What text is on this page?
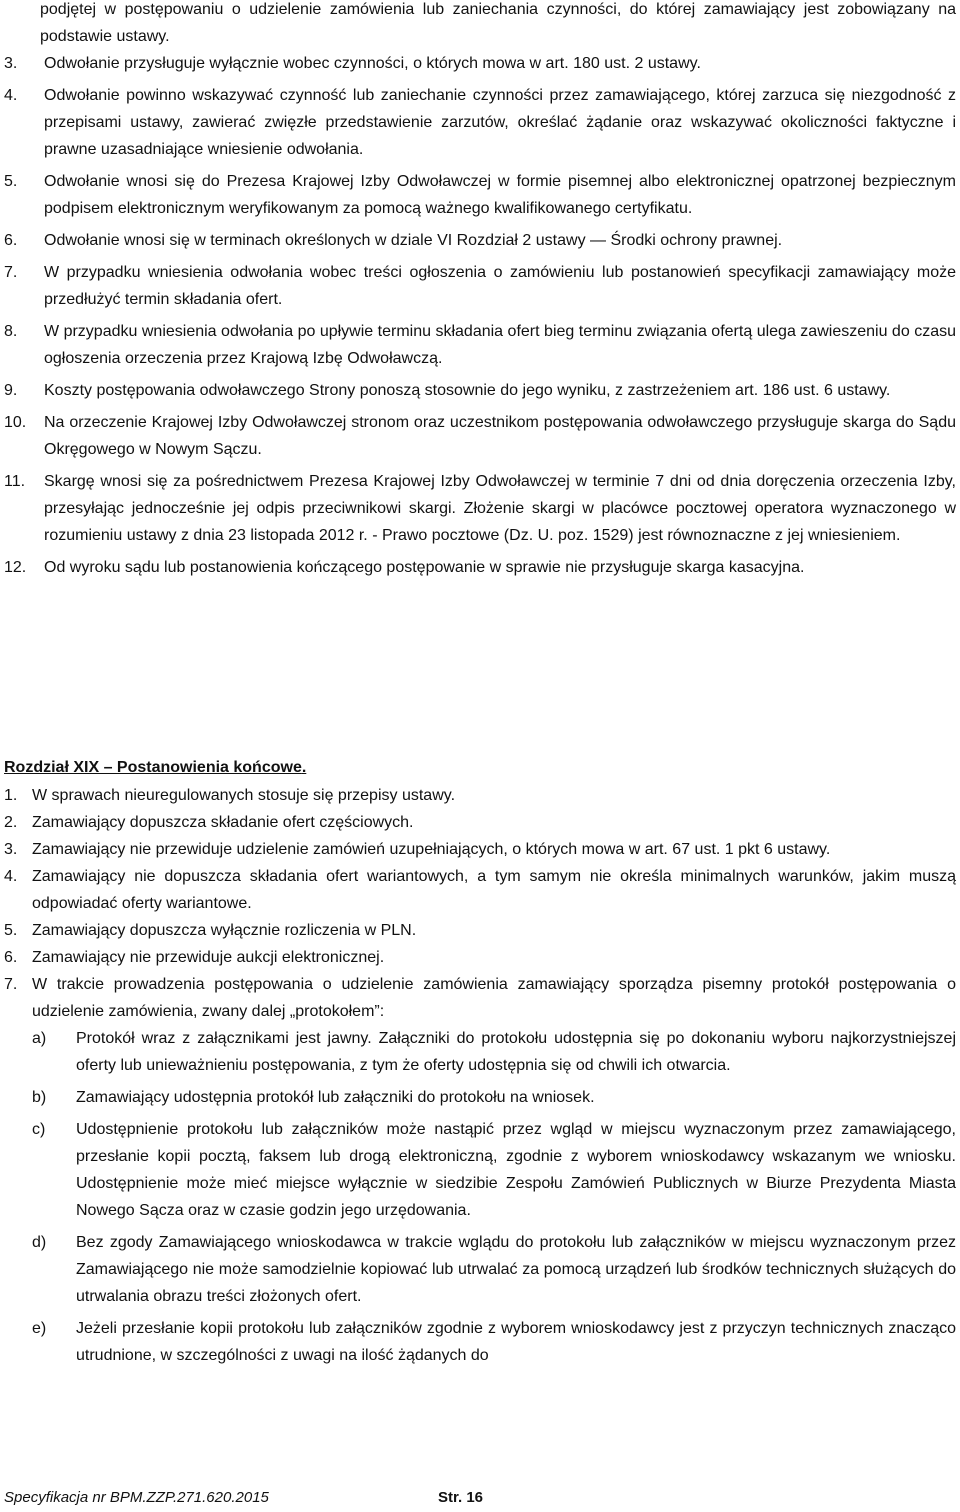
podjętej w postępowaniu o udzielenie zamówienia lub zaniechania czynności, do której zamawiający jest zobowiązany na podstawie ustawy.
3. Odwołanie przysługuje wyłącznie wobec czynności, o których mowa w art. 180 ust. 2 ustawy.
4. Odwołanie powinno wskazywać czynność lub zaniechanie czynności przez zamawiającego, której zarzuca się niezgodność z przepisami ustawy, zawierać zwięzłe przedstawienie zarzutów, określać żądanie oraz wskazywać okoliczności faktyczne i prawne uzasadniające wniesienie odwołania.
5. Odwołanie wnosi się do Prezesa Krajowej Izby Odwoławczej w formie pisemnej albo elektronicznej opatrzonej bezpiecznym podpisem elektronicznym weryfikowanym za pomocą ważnego kwalifikowanego certyfikatu.
6. Odwołanie wnosi się w terminach określonych w dziale VI Rozdział 2 ustawy — Środki ochrony prawnej.
7. W przypadku wniesienia odwołania wobec treści ogłoszenia o zamówieniu lub postanowień specyfikacji zamawiający może przedłużyć termin składania ofert.
8. W przypadku wniesienia odwołania po upływie terminu składania ofert bieg terminu związania ofertą ulega zawieszeniu do czasu ogłoszenia orzeczenia przez Krajową Izbę Odwoławczą.
9. Koszty postępowania odwoławczego Strony ponoszą stosownie do jego wyniku, z zastrzeżeniem art. 186 ust. 6 ustawy.
10. Na orzeczenie Krajowej Izby Odwoławczej stronom oraz uczestnikom postępowania odwoławczego przysługuje skarga do Sądu Okręgowego w Nowym Sączu.
11. Skargę wnosi się za pośrednictwem Prezesa Krajowej Izby Odwoławczej w terminie 7 dni od dnia doręczenia orzeczenia Izby, przesyłając jednocześnie jej odpis przeciwnikowi skargi. Złożenie skargi w placówce pocztowej operatora wyznaczonego w rozumieniu ustawy z dnia 23 listopada 2012 r. - Prawo pocztowe (Dz. U. poz. 1529) jest równoznaczne z jej wniesieniem.
12. Od wyroku sądu lub postanowienia kończącego postępowanie w sprawie nie przysługuje skarga kasacyjna.
Rozdział XIX – Postanowienia końcowe.
1. W sprawach nieuregulowanych stosuje się przepisy ustawy.
2. Zamawiający dopuszcza składanie ofert częściowych.
3. Zamawiający nie przewiduje udzielenie zamówień uzupełniających, o których mowa w art. 67 ust. 1 pkt 6 ustawy.
4. Zamawiający nie dopuszcza składania ofert wariantowych, a tym samym nie określa minimalnych warunków, jakim muszą odpowiadać oferty wariantowe.
5. Zamawiający dopuszcza wyłącznie rozliczenia w PLN.
6. Zamawiający nie przewiduje aukcji elektronicznej.
7. W trakcie prowadzenia postępowania o udzielenie zamówienia zamawiający sporządza pisemny protokół postępowania o udzielenie zamówienia, zwany dalej „protokołem”:
a) Protokół wraz z załącznikami jest jawny. Załączniki do protokołu udostępnia się po dokonaniu wyboru najkorzystniejszej oferty lub unieważnieniu postępowania, z tym że oferty udostępnia się od chwili ich otwarcia.
b) Zamawiający udostępnia protokół lub załączniki do protokołu na wniosek.
c) Udostępnienie protokołu lub załączników może nastąpić przez wgląd w miejscu wyznaczonym przez zamawiającego, przesłanie kopii pocztą, faksem lub drogą elektroniczną, zgodnie z wyborem wnioskodawcy wskazanym we wniosku. Udostępnienie może mieć miejsce wyłącznie w siedzibie Zespołu Zamówień Publicznych w Biurze Prezydenta Miasta Nowego Sącza oraz w czasie godzin jego urzędowania.
d) Bez zgody Zamawiającego wnioskodawca w trakcie wglądu do protokołu lub załączników w miejscu wyznaczonym przez Zamawiającego nie może samodzielnie kopiować lub utrwalać za pomocą urządzeń lub środków technicznych służących do utrwalania obrazu treści złożonych ofert.
e) Jeżeli przesłanie kopii protokołu lub załączników zgodnie z wyborem wnioskodawcy jest z przyczyn technicznych znacząco utrudnione, w szczególności z uwagi na ilość żądanych do
Specyfikacja nr BPM.ZZP.271.620.2015	Str. 16
